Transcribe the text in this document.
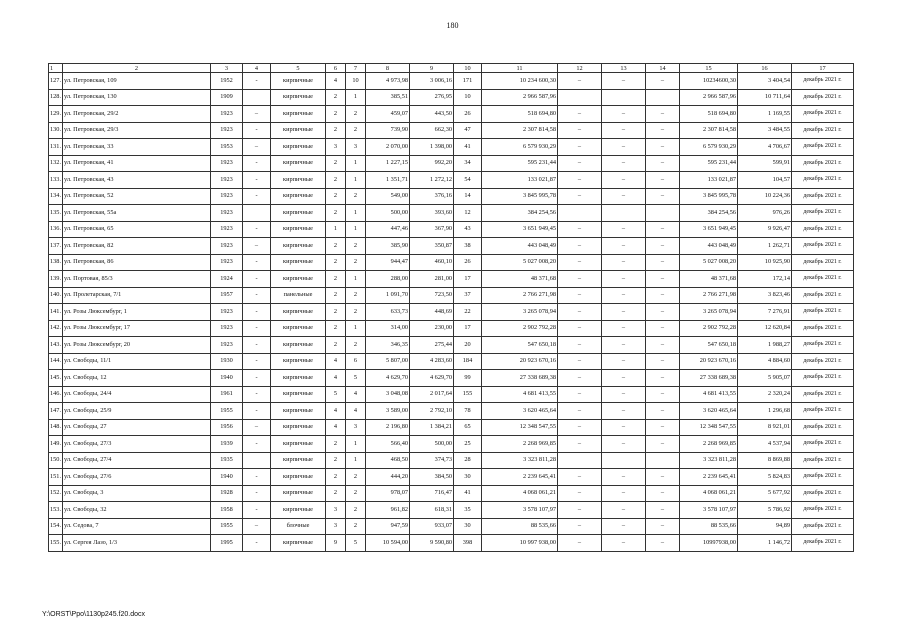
180
1	2	3	4	5	6	7	8	9	10	11	12	13	14	15	16	17
127.	ул. Петровская, 109	1952	-	кирпичные	4	10	4 973,98	3 006,16	171	10 234 600,30	–	–	–	10234600,30	3 404,54	декабрь 2021 г.
128.	ул. Петровская, 130	1909		кирпичные	2	1	385,51	276,95	10	2 966 587,96				2 966 587,96	10 711,64	декабрь 2021 г.
129.	ул. Петровская, 29/2	1923	–	кирпичные	2	2	459,07	443,50	26	518 694,80	–	–	–	518 694,80	1 169,55	декабрь 2021 г.
130.	ул. Петровская, 29/3	1923	-	кирпичные	2	2	739,90	662,30	47	2 307 814,58	–	–	–	2 307 814,58	3 484,55	декабрь 2021 г.
131.	ул. Петровская, 33	1953	–	кирпичные	3	3	2 070,00	1 398,00	41	6 579 930,29	–	–	–	6 579 930,29	4 706,67	декабрь 2021 г.
132.	ул. Петровская, 41	1923	-	кирпичные	2	1	1 227,15	992,20	34	595 231,44	–	–	–	595 231,44	599,91	декабрь 2021 г.
133.	ул. Петровская, 43	1923	-	кирпичные	2	1	1 351,71	1 272,12	54	133 021,87	–	–	–	133 021,87	104,57	декабрь 2021 г.
134.	ул. Петровская, 52	1923	-	кирпичные	2	2	549,00	376,16	14	3 845 995,78	–	–	–	3 845 995,78	10 224,36	декабрь 2021 г.
135.	ул. Петровская, 55а	1923		кирпичные	2	1	500,00	393,60	12	384 254,56				384 254,56	976,26	декабрь 2021 г.
136.	ул. Петровская, 65	1923	-	кирпичные	1	1	447,46	367,90	43	3 651 949,45	–	–	–	3 651 949,45	9 926,47	декабрь 2021 г.
137.	ул. Петровская, 82	1923	–	кирпичные	2	2	385,90	350,87	38	443 048,49	–	–	–	443 048,49	1 262,71	декабрь 2021 г.
138.	ул. Петровская, 86	1923	-	кирпичные	2	2	944,47	460,10	26	5 027 008,20	–	–	–	5 027 008,20	10 925,90	декабрь 2021 г.
139.	ул. Портовая, 85/3	1924	-	кирпичные	2	1	288,00	281,00	17	48 371,68	–	–	–	48 371,68	172,14	декабрь 2021 г.
140.	ул. Пролетарская, 7/1	1957	-	панельные	2	2	1 091,70	723,50	37	2 766 271,98	–	–	–	2 766 271,98	3 823,46	декабрь 2021 г.
141.	ул. Розы Люксембург, 1	1923	-	кирпичные	2	2	633,73	448,69	22	3 265 078,94	–	–	–	3 265 078,94	7 276,91	декабрь 2021 г.
142.	ул. Розы Люксембург, 17	1923	-	кирпичные	2	1	314,00	230,00	17	2 902 792,28	–	–	–	2 902 792,28	12 620,84	декабрь 2021 г.
143.	ул. Розы Люксембург, 20	1923	-	кирпичные	2	2	346,35	275,44	20	547 650,18	–	–	–	547 650,18	1 988,27	декабрь 2021 г.
144.	ул. Свободы, 11/1	1930	-	кирпичные	4	6	5 807,00	4 283,60	184	20 923 670,16	–	–	–	20 923 670,16	4 884,60	декабрь 2021 г.
145.	ул. Свободы, 12	1940	-	кирпичные	4	5	4 629,70	4 629,70	99	27 338 689,38	–	–	–	27 338 689,38	5 905,07	декабрь 2021 г.
146.	ул. Свободы, 24/4	1961	-	кирпичные	5	4	3 048,08	2 017,64	155	4 681 413,55	–	–	–	4 681 413,55	2 320,24	декабрь 2021 г.
147.	ул. Свободы, 25/9	1955	-	кирпичные	4	4	3 589,00	2 792,10	78	3 620 465,64	–	–	–	3 620 465,64	1 296,68	декабрь 2021 г.
148.	ул. Свободы, 27	1956	–	кирпичные	4	3	2 196,80	1 384,21	65	12 348 547,55	–	–	–	12 348 547,55	8 921,01	декабрь 2021 г.
149.	ул. Свободы, 27/3	1939	-	кирпичные	2	1	566,40	500,00	25	2 268 969,85	–	–	–	2 268 969,85	4 537,94	декабрь 2021 г.
150.	ул. Свободы, 27/4	1935		кирпичные	2	1	468,50	374,73	28	3 323 811,28				3 323 811,28	8 869,88	декабрь 2021 г.
151.	ул. Свободы, 27/6	1940	-	кирпичные	2	2	444,20	384,50	30	2 239 645,41	–	–	–	2 239 645,41	5 824,83	декабрь 2021 г.
152.	ул. Свободы, 3	1928	-	кирпичные	2	2	978,07	716,47	41	4 068 061,21	–	–	–	4 068 061,21	5 677,92	декабрь 2021 г.
153.	ул. Свободы, 32	1958	-	кирпичные	3	2	961,82	618,31	35	3 578 107,97	–	–	–	3 578 107,97	5 786,92	декабрь 2021 г.
154.	ул. Седова, 7	1955	–	блочные	3	2	947,59	933,07	30	88 535,66	–	–	–	88 535,66	94,89	декабрь 2021 г.
155.	ул. Сергея Лазо, 1/3	1995	-	кирпичные	9	5	10 594,00	9 590,80	398	10 997 938,00	–	–	–	10997938,00	1 146,72	декабрь 2021 г.
Y:\ORST\Ppo\1130p245.f20.docx
